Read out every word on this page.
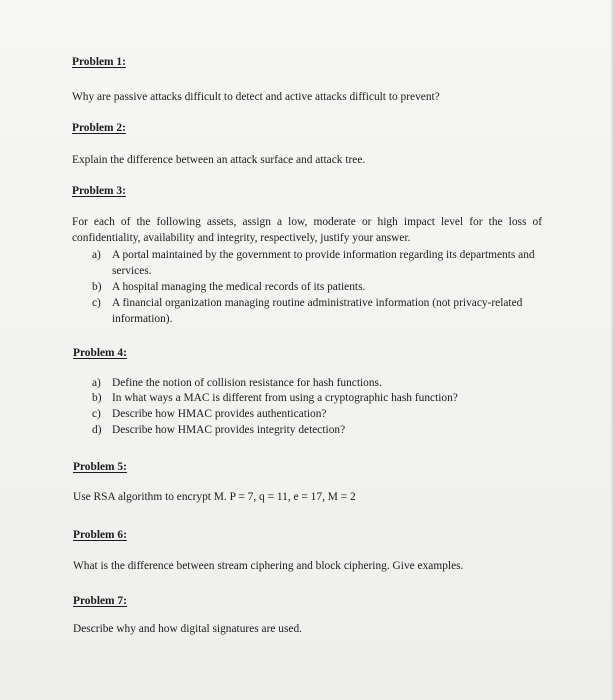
Problem 1:
Why are passive attacks difficult to detect and active attacks difficult to prevent?
Problem 2:
Explain the difference between an attack surface and attack tree.
Problem 3:
For each of the following assets, assign a low, moderate or high impact level for the loss of confidentiality, availability and integrity, respectively, justify your answer.
a) A portal maintained by the government to provide information regarding its departments and services.
b) A hospital managing the medical records of its patients.
c) A financial organization managing routine administrative information (not privacy-related information).
Problem 4:
a) Define the notion of collision resistance for hash functions.
b) In what ways a MAC is different from using a cryptographic hash function?
c) Describe how HMAC provides authentication?
d) Describe how HMAC provides integrity detection?
Problem 5:
Use RSA algorithm to encrypt M. P = 7, q = 11, e = 17, M = 2
Problem 6:
What is the difference between stream ciphering and block ciphering. Give examples.
Problem 7:
Describe why and how digital signatures are used.
